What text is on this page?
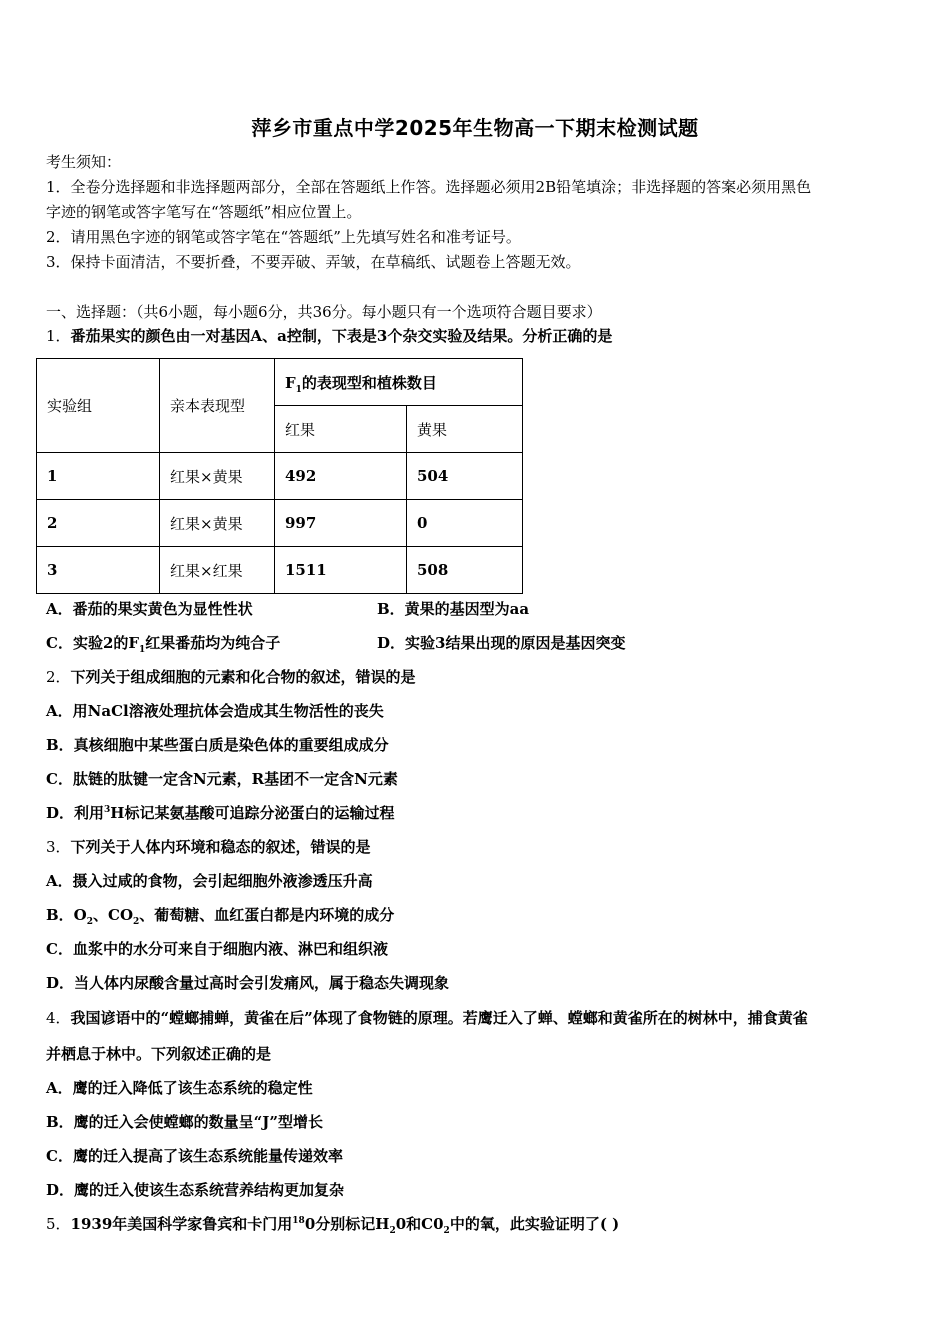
萍乡市重点中学2025年生物高一下期末检测试题
考生须知：
1．全卷分选择题和非选择题两部分，全部在答题纸上作答。选择题必须用2B铅笔填涂；非选择题的答案必须用黑色
字迹的钢笔或答字笔写在“答题纸”相应位置上。
2．请用黑色字迹的钢笔或答字笔在“答题纸”上先填写姓名和准考证号。
3．保持卡面清洁，不要折叠，不要弄破、弄皱，在草稿纸、试题卷上答题无效。
一、选择题：（共6小题，每小题6分，共36分。每小题只有一个选项符合题目要求）
1．番茄果实的颜色由一对基因A、a控制，下表是3个杂交实验及结果。分析正确的是
实验组	亲本表现型	$F_1$的表现型和植株数目	
		红果	黄果
1	红果×黄果	492	504
2	红果×黄果	997	0
3	红果×红果	1511	508
A．番茄的果实黄色为显性性状	B．黄果的基因型为aa
C．实验2的$F_1$红果番茄均为纯合子	D．实验3结果出现的原因是基因突变
2．下列关于组成细胞的元素和化合物的叙述，错误的是
A．用NaCl溶液处理抗体会造成其生物活性的丧失
B．真核细胞中某些蛋白质是染色体的重要组成成分
C．肽链的肽键一定含N元素，R基团不一定含N元素
D．利用$^3$H标记某氨基酸可追踪分泌蛋白的运输过程
3．下列关于人体内环境和稳态的叙述，错误的是
A．摄入过咸的食物，会引起细胞外液渗透压升高
B．$O_2$、$CO_2$、葡萄糖、血红蛋白都是内环境的成分
C．血浆中的水分可来自于细胞内液、淋巴和组织液
D．当人体内尿酸含量过高时会引发痛风，属于稳态失调现象
4．我国谚语中的“螳螂捕蝉，黄雀在后”体现了食物链的原理。若鹰迁入了蝉、螳螂和黄雀所在的树林中，捕食黄雀
并栖息于林中。下列叙述正确的是
A．鹰的迁入降低了该生态系统的稳定性
B．鹰的迁入会使螳螂的数量呈“J”型增长
C．鹰的迁入提高了该生态系统能量传递效率
D．鹰的迁入使该生态系统营养结构更加复杂
5．1939年美国科学家鲁宾和卡门用$^{18}$0分别标记$H_20$和$C0_2$中的氧，此实验证明了( )
